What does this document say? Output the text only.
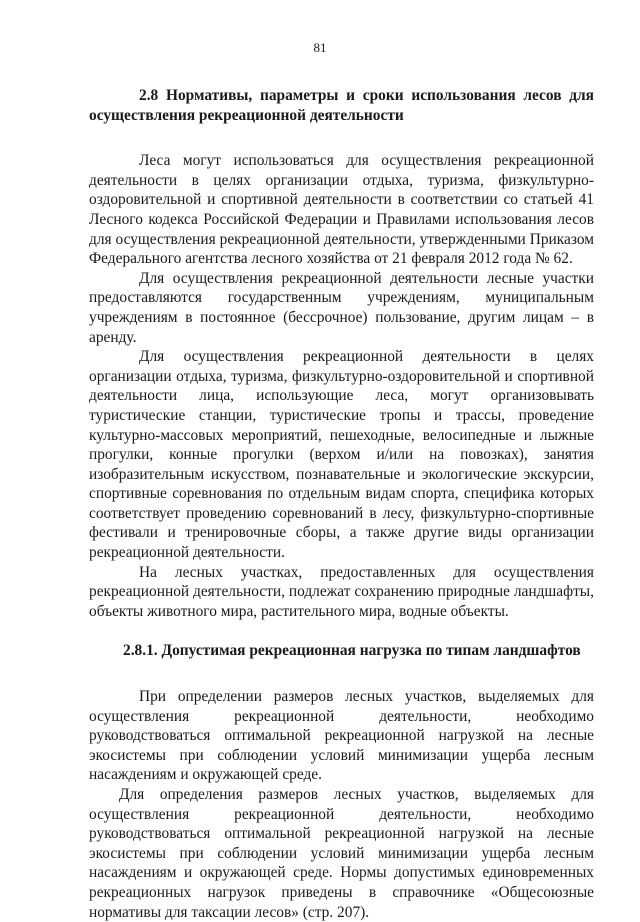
81

2.8 Нормативы, параметры и сроки использования лесов для осуществления рекреационной деятельности

Леса могут использоваться для осуществления рекреационной деятельности в целях организации отдыха, туризма, физкультурно-оздоровительной и спортивной деятельности в соответствии со статьей 41 Лесного кодекса Российской Федерации и Правилами использования лесов для осуществления рекреационной деятельности, утвержденными Приказом Федерального агентства лесного хозяйства от 21 февраля 2012 года № 62.

Для осуществления рекреационной деятельности лесные участки предоставляются государственным учреждениям, муниципальным учреждениям в постоянное (бессрочное) пользование, другим лицам – в аренду.

Для осуществления рекреационной деятельности в целях организации отдыха, туризма, физкультурно-оздоровительной и спортивной деятельности лица, использующие леса, могут организовывать туристические станции, туристические тропы и трассы, проведение культурно-массовых мероприятий, пешеходные, велосипедные и лыжные прогулки, конные прогулки (верхом и/или на повозках), занятия изобразительным искусством, познавательные и экологические экскурсии, спортивные соревнования по отдельным видам спорта, специфика которых соответствует проведению соревнований в лесу, физкультурно-спортивные фестивали и тренировочные сборы, а также другие виды организации рекреационной деятельности.

На лесных участках, предоставленных для осуществления рекреационной деятельности, подлежат сохранению природные ландшафты, объекты животного мира, растительного мира, водные объекты.

2.8.1. Допустимая рекреационная нагрузка по типам ландшафтов

При определении размеров лесных участков, выделяемых для осуществления рекреационной деятельности, необходимо руководствоваться оптимальной рекреационной нагрузкой на лесные экосистемы при соблюдении условий минимизации ущерба лесным насаждениям и окружающей среде.

Для определения размеров лесных участков, выделяемых для осуществления рекреационной деятельности, необходимо руководствоваться оптимальной рекреационной нагрузкой на лесные экосистемы при соблюдении условий минимизации ущерба лесным насаждениям и окружающей среде. Нормы допустимых единовременных рекреационных нагрузок приведены в справочнике «Общесоюзные нормативы для таксации лесов» (стр. 207).
